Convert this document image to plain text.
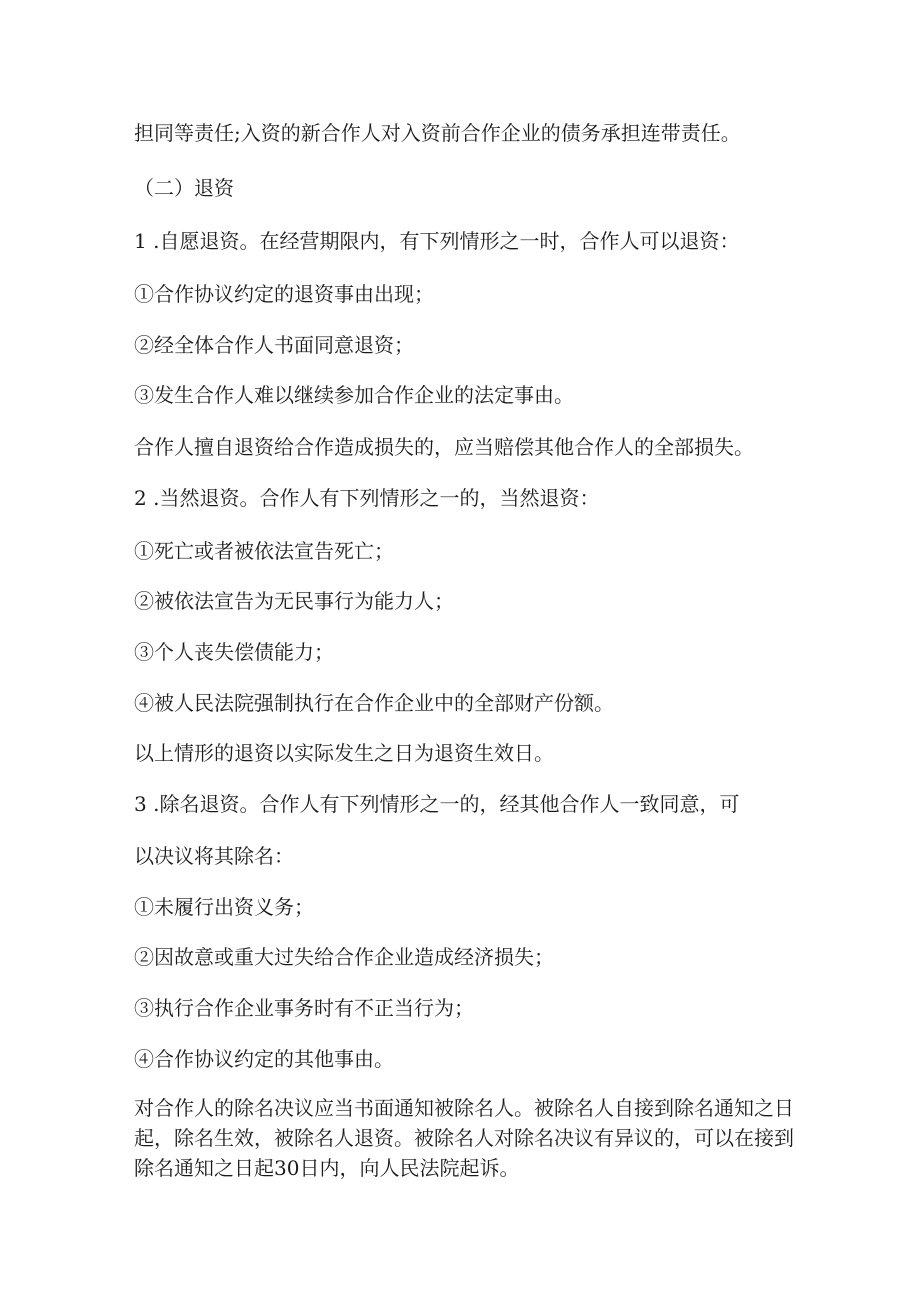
担同等责任;入资的新合作人对入资前合作企业的债务承担连带责任。

（二）退资

1 .自愿退资。在经营期限内，有下列情形之一时，合作人可以退资：

①合作协议约定的退资事由出现；

②经全体合作人书面同意退资；

③发生合作人难以继续参加合作企业的法定事由。

合作人擅自退资给合作造成损失的，应当赔偿其他合作人的全部损失。

2 .当然退资。合作人有下列情形之一的，当然退资：

①死亡或者被依法宣告死亡；

②被依法宣告为无民事行为能力人；

③个人丧失偿债能力；

④被人民法院强制执行在合作企业中的全部财产份额。

以上情形的退资以实际发生之日为退资生效日。

3 .除名退资。合作人有下列情形之一的，经其他合作人一致同意，可

以决议将其除名：

①未履行出资义务；

②因故意或重大过失给合作企业造成经济损失；

③执行合作企业事务时有不正当行为；

④合作协议约定的其他事由。

对合作人的除名决议应当书面通知被除名人。被除名人自接到除名通知之日起，除名生效，被除名人退资。被除名人对除名决议有异议的，可以在接到除名通知之日起30日内，向人民法院起诉。
